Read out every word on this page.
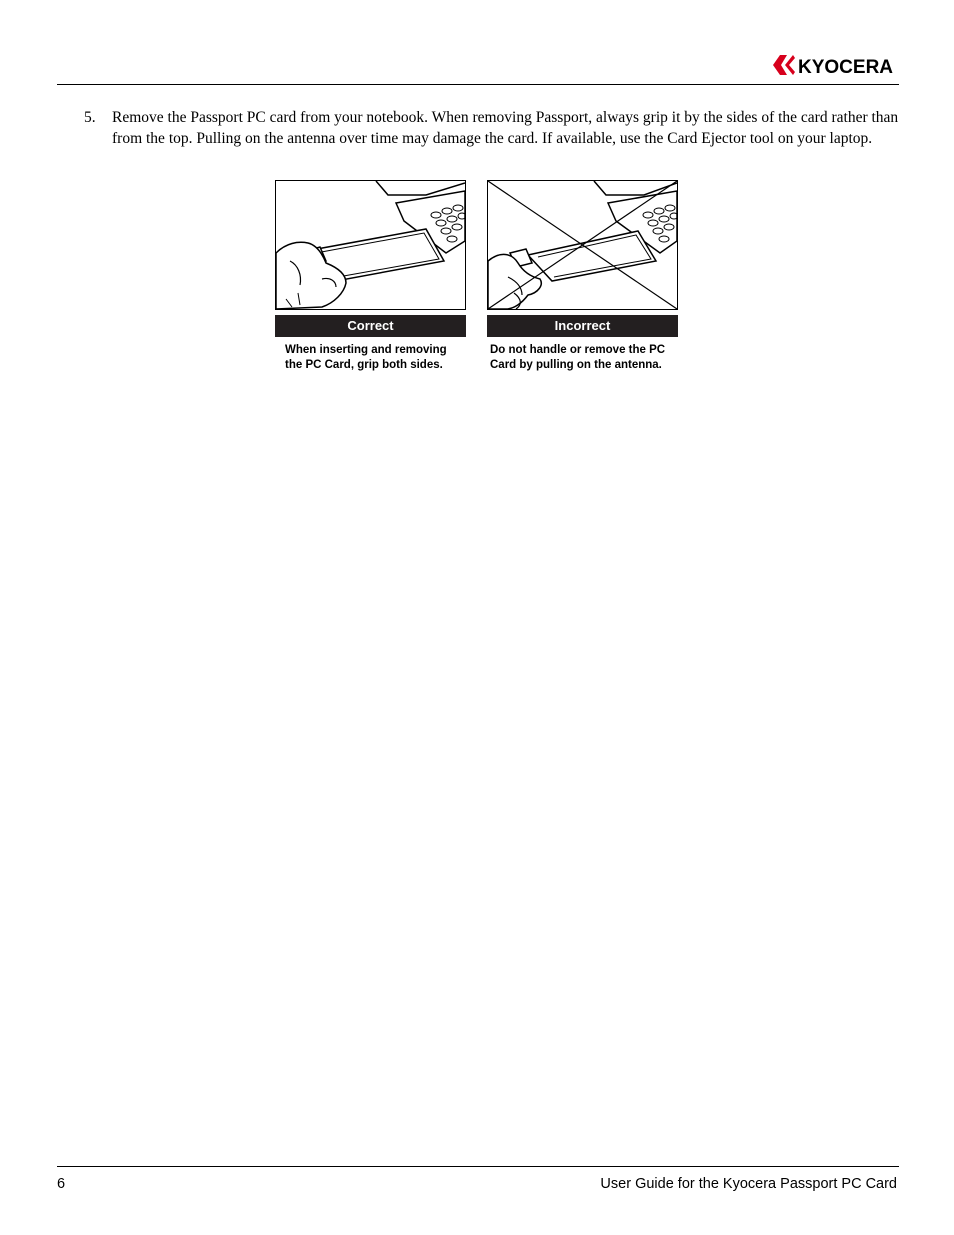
KYOCERA
5. Remove the Passport PC card from your notebook. When removing Passport, always grip it by the sides of the card rather than from the top. Pulling on the antenna over time may damage the card. If available, use the Card Ejector tool on your laptop.
Correct
When inserting and removing
the PC Card, grip both sides.
Incorrect
Do not handle or remove the PC
Card by pulling on the antenna.
6	User Guide for the Kyocera Passport PC Card
